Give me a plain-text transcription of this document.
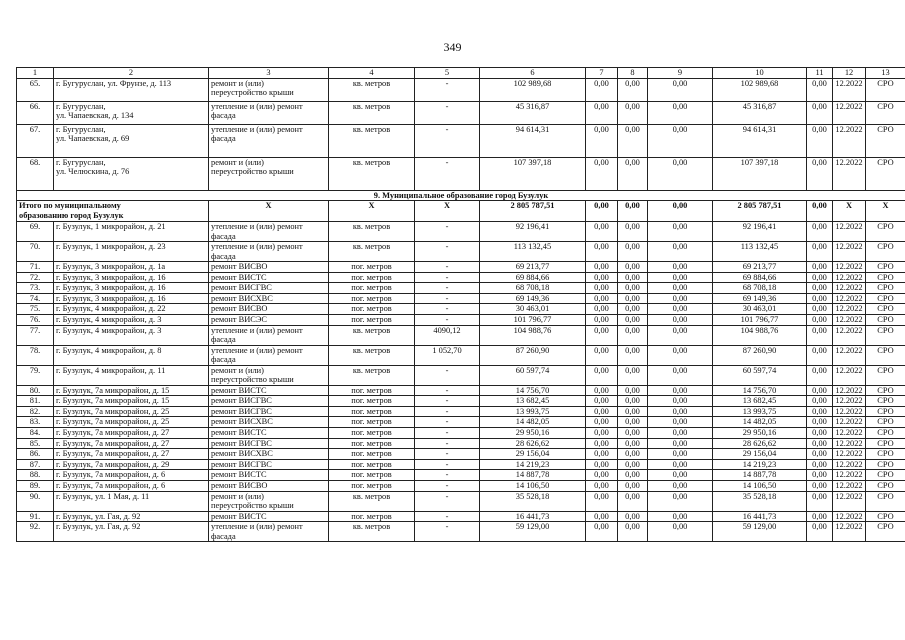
349
1	2	3	4	5	6	7	8	9	10	11	12	13
65.	г. Бугуруслан, ул. Фрунзе, д. 113	ремонт и (или)
переустройство крыши	кв. метров	-	102 989,68	0,00	0,00	0,00	102 989,68	0,00	12.2022	СРО
66.	г. Бугуруслан,
ул. Чапаевская, д. 134	утепление и (или) ремонт
фасада	кв. метров	-	45 316,87	0,00	0,00	0,00	45 316,87	0,00	12.2022	СРО
67.	г. Бугуруслан,
ул. Чапаевская, д. 69	утепление и (или) ремонт
фасада	кв. метров	-	94 614,31	0,00	0,00	0,00	94 614,31	0,00	12.2022	СРО
68.	г. Бугуруслан,
ул. Челюскина, д. 76	ремонт и (или)
переустройство крыши	кв. метров	-	107 397,18	0,00	0,00	0,00	107 397,18	0,00	12.2022	СРО
9. Муниципальное образование город Бузулук												
Итого по муниципальному
образованию город Бузулук		X	X	X	2 805 787,51	0,00	0,00	0,00	2 805 787,51	0,00	X	X
69.	г. Бузулук, 1 микрорайон, д. 21	утепление и (или) ремонт
фасада	кв. метров	-	92 196,41	0,00	0,00	0,00	92 196,41	0,00	12.2022	СРО
70.	г. Бузулук, 1 микрорайон, д. 23	утепление и (или) ремонт
фасада	кв. метров	-	113 132,45	0,00	0,00	0,00	113 132,45	0,00	12.2022	СРО
71.	г. Бузулук, 3 микрорайон, д. 1а	ремонт ВИСВО	пог. метров	-	69 213,77	0,00	0,00	0,00	69 213,77	0,00	12.2022	СРО
72.	г. Бузулук, 3 микрорайон, д. 16	ремонт ВИСТС	пог. метров	-	69 884,66	0,00	0,00	0,00	69 884,66	0,00	12.2022	СРО
73.	г. Бузулук, 3 микрорайон, д. 16	ремонт ВИСГВС	пог. метров	-	68 708,18	0,00	0,00	0,00	68 708,18	0,00	12.2022	СРО
74.	г. Бузулук, 3 микрорайон, д. 16	ремонт ВИСХВС	пог. метров	-	69 149,36	0,00	0,00	0,00	69 149,36	0,00	12.2022	СРО
75.	г. Бузулук, 4 микрорайон, д. 22	ремонт ВИСВО	пог. метров	-	30 463,01	0,00	0,00	0,00	30 463,01	0,00	12.2022	СРО
76.	г. Бузулук, 4 микрорайон, д. 3	ремонт ВИСЭС	пог. метров	-	101 796,77	0,00	0,00	0,00	101 796,77	0,00	12.2022	СРО
77.	г. Бузулук, 4 микрорайон, д. 3	утепление и (или) ремонт
фасада	кв. метров	4090,12	104 988,76	0,00	0,00	0,00	104 988,76	0,00	12.2022	СРО
78.	г. Бузулук, 4 микрорайон, д. 8	утепление и (или) ремонт
фасада	кв. метров	1 052,70	87 260,90	0,00	0,00	0,00	87 260,90	0,00	12.2022	СРО
79.	г. Бузулук, 4 микрорайон, д. 11	ремонт и (или)
переустройство крыши	кв. метров	-	60 597,74	0,00	0,00	0,00	60 597,74	0,00	12.2022	СРО
80.	г. Бузулук, 7а микрорайон, д. 15	ремонт ВИСТС	пог. метров	-	14 756,70	0,00	0,00	0,00	14 756,70	0,00	12.2022	СРО
81.	г. Бузулук, 7а микрорайон, д. 15	ремонт ВИСГВС	пог. метров	-	13 682,45	0,00	0,00	0,00	13 682,45	0,00	12.2022	СРО
82.	г. Бузулук, 7а микрорайон, д. 25	ремонт ВИСГВС	пог. метров	-	13 993,75	0,00	0,00	0,00	13 993,75	0,00	12.2022	СРО
83.	г. Бузулук, 7а микрорайон, д. 25	ремонт ВИСХВС	пог. метров	-	14 482,05	0,00	0,00	0,00	14 482,05	0,00	12.2022	СРО
84.	г. Бузулук, 7а микрорайон, д. 27	ремонт ВИСТС	пог. метров	-	29 950,16	0,00	0,00	0,00	29 950,16	0,00	12.2022	СРО
85.	г. Бузулук, 7а микрорайон, д. 27	ремонт ВИСГВС	пог. метров	-	28 626,62	0,00	0,00	0,00	28 626,62	0,00	12.2022	СРО
86.	г. Бузулук, 7а микрорайон, д. 27	ремонт ВИСХВС	пог. метров	-	29 156,04	0,00	0,00	0,00	29 156,04	0,00	12.2022	СРО
87.	г. Бузулук, 7а микрорайон, д. 29	ремонт ВИСГВС	пог. метров	-	14 219,23	0,00	0,00	0,00	14 219,23	0,00	12.2022	СРО
88.	г. Бузулук, 7а микрорайон, д. 6	ремонт ВИСТС	пог. метров	-	14 887,78	0,00	0,00	0,00	14 887,78	0,00	12.2022	СРО
89.	г. Бузулук, 7а микрорайон, д. 6	ремонт ВИСВО	пог. метров	-	14 106,50	0,00	0,00	0,00	14 106,50	0,00	12.2022	СРО
90.	г. Бузулук, ул. 1 Мая, д. 11	ремонт и (или)
переустройство крыши	кв. метров	-	35 528,18	0,00	0,00	0,00	35 528,18	0,00	12.2022	СРО
91.	г. Бузулук, ул. Гая, д. 92	ремонт ВИСТС	пог. метров	-	16 441,73	0,00	0,00	0,00	16 441,73	0,00	12.2022	СРО
92.	г. Бузулук, ул. Гая, д. 92	утепление и (или) ремонт
фасада	кв. метров	-	59 129,00	0,00	0,00	0,00	59 129,00	0,00	12.2022	СРО
